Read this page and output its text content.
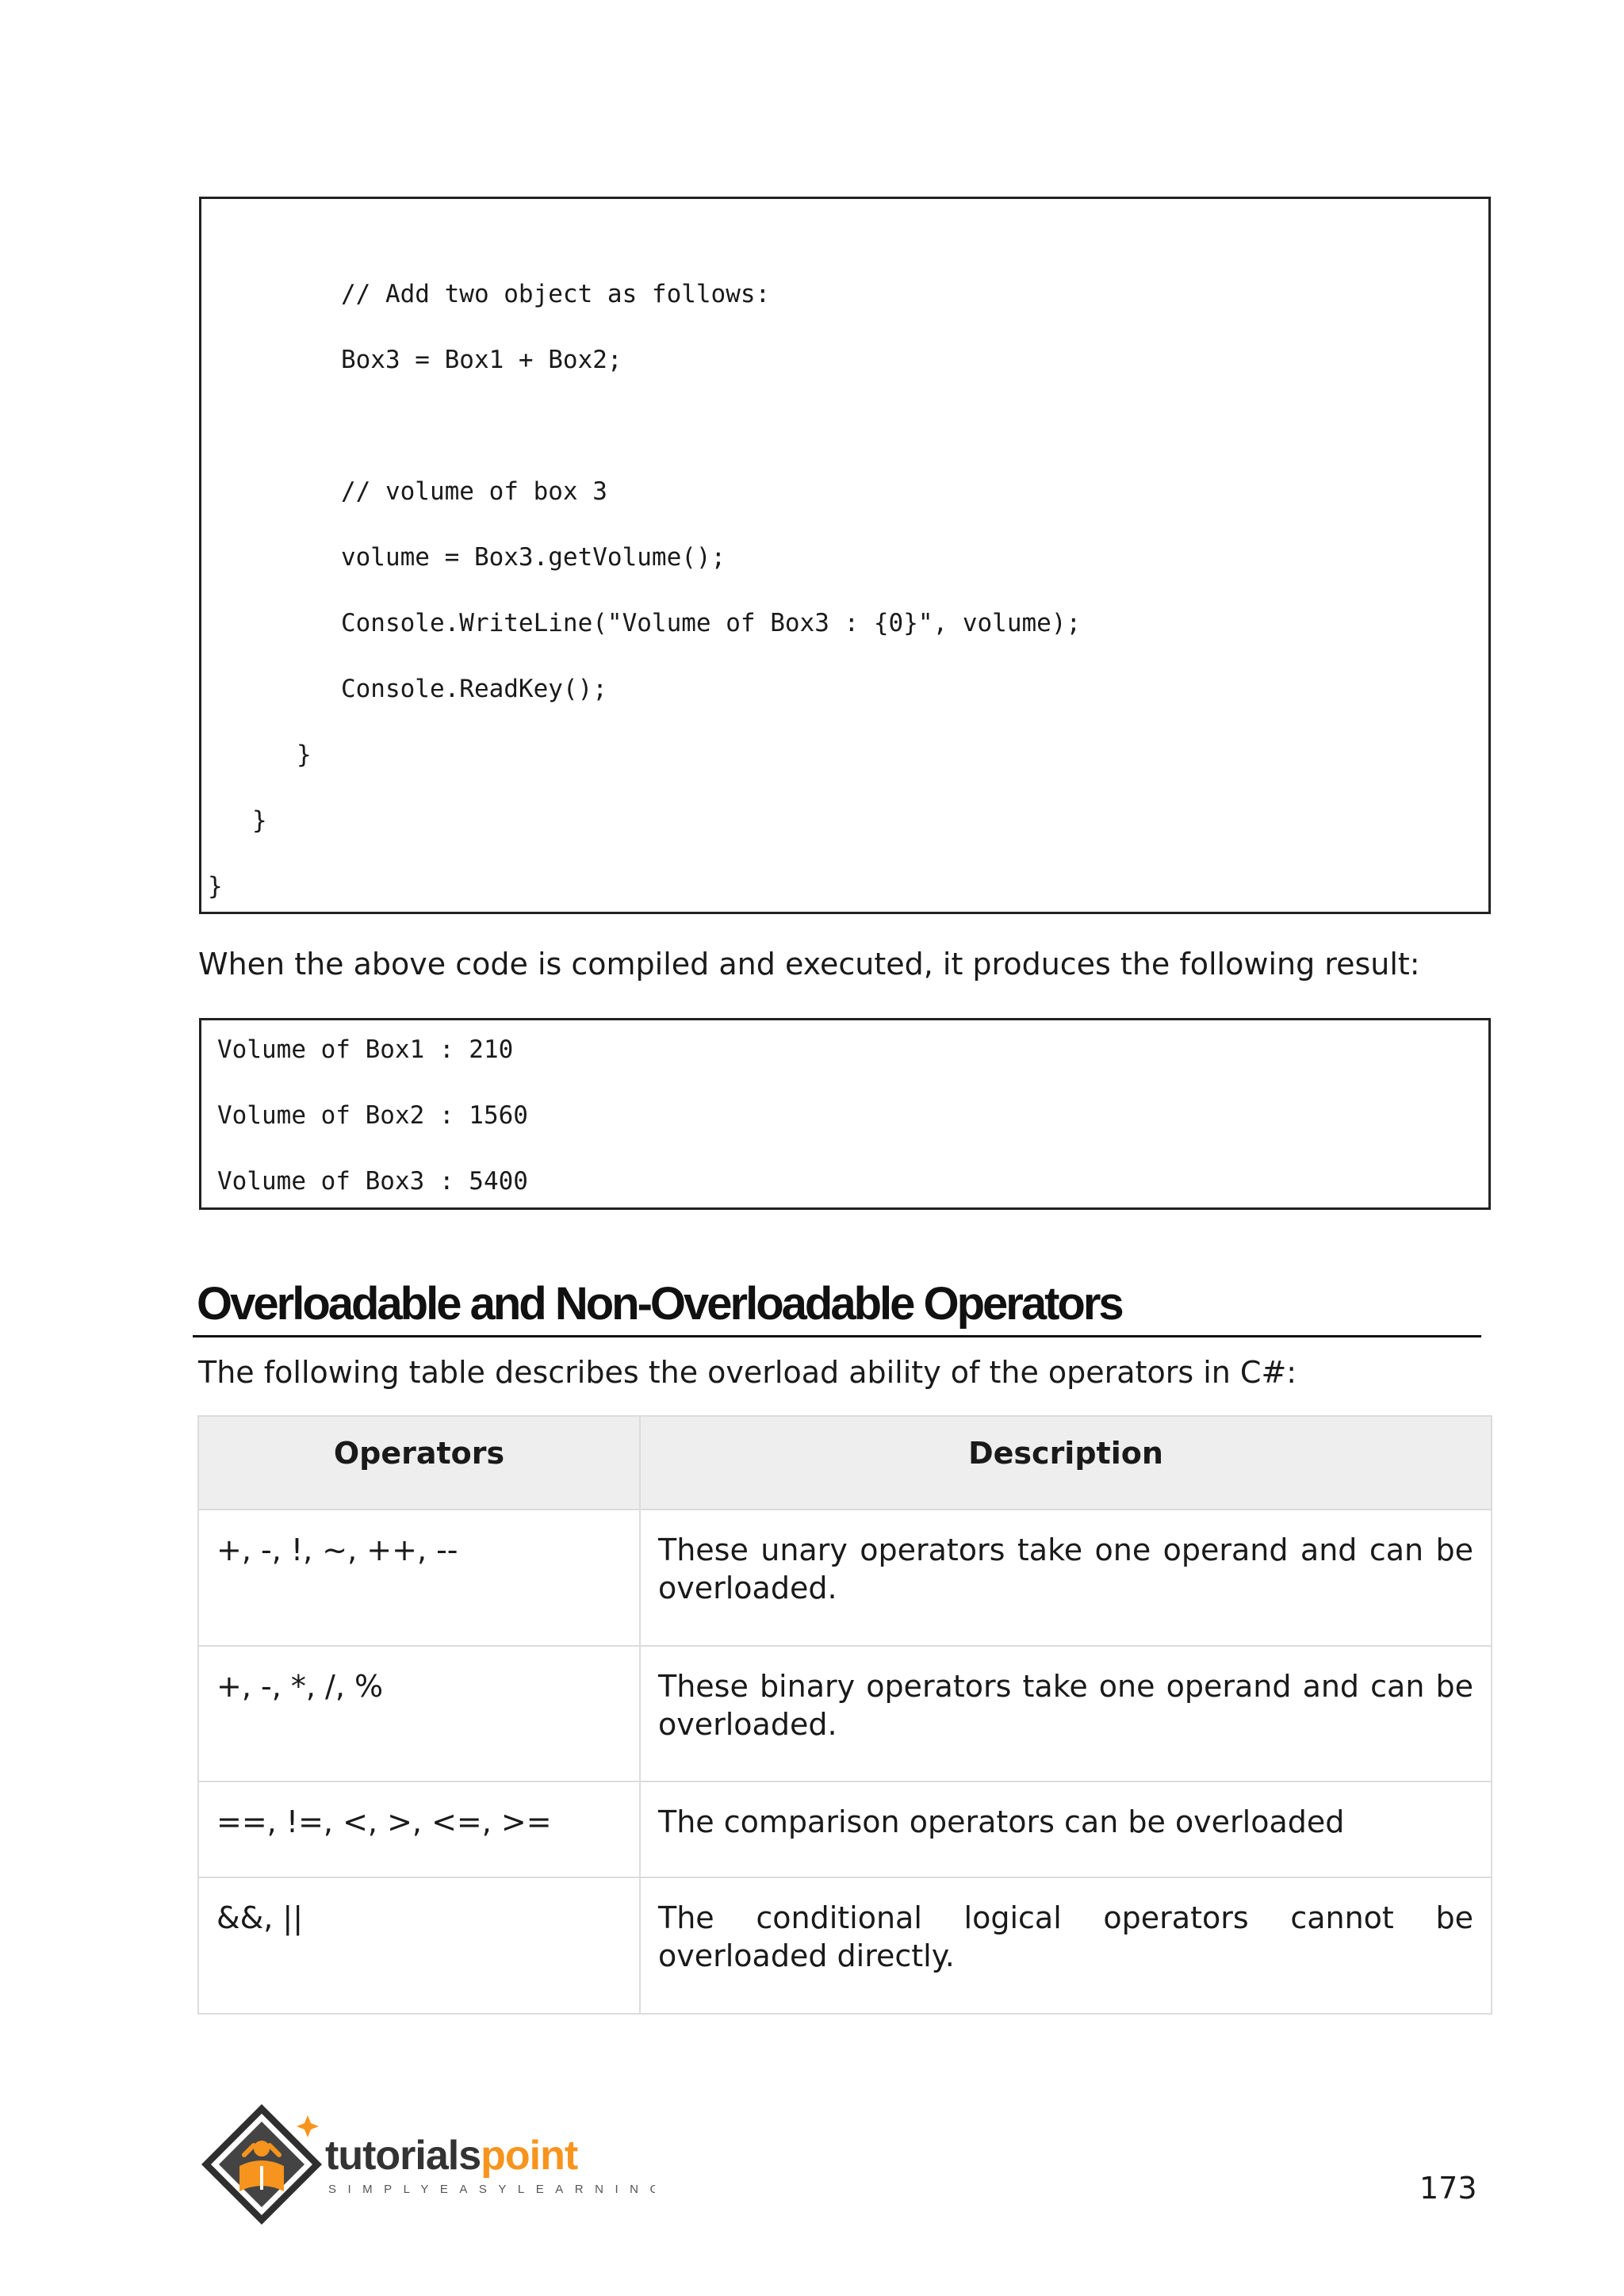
// Add two object as follows:
Box3 = Box1 + Box2;
// volume of box 3
volume = Box3.getVolume();
Console.WriteLine("Volume of Box3 : {0}", volume);
Console.ReadKey();
}
}
}
When the above code is compiled and executed, it produces the following result:
Volume of Box1 : 210
Volume of Box2 : 1560
Volume of Box3 : 5400
Overloadable and Non-Overloadable Operators
The following table describes the overload ability of the operators in C#:
Operators	Description
+, -, !, ~, ++, --	These unary operators take one operand and can be overloaded.
+, -, *, /, %	These binary operators take one operand and can be overloaded.
==, !=, <, >, <=, >=	The comparison operators can be overloaded
&&, ||	The conditional logical operators cannot be overloaded directly.
tutorialspoint
SIMPLYEASYLEARNING	173
